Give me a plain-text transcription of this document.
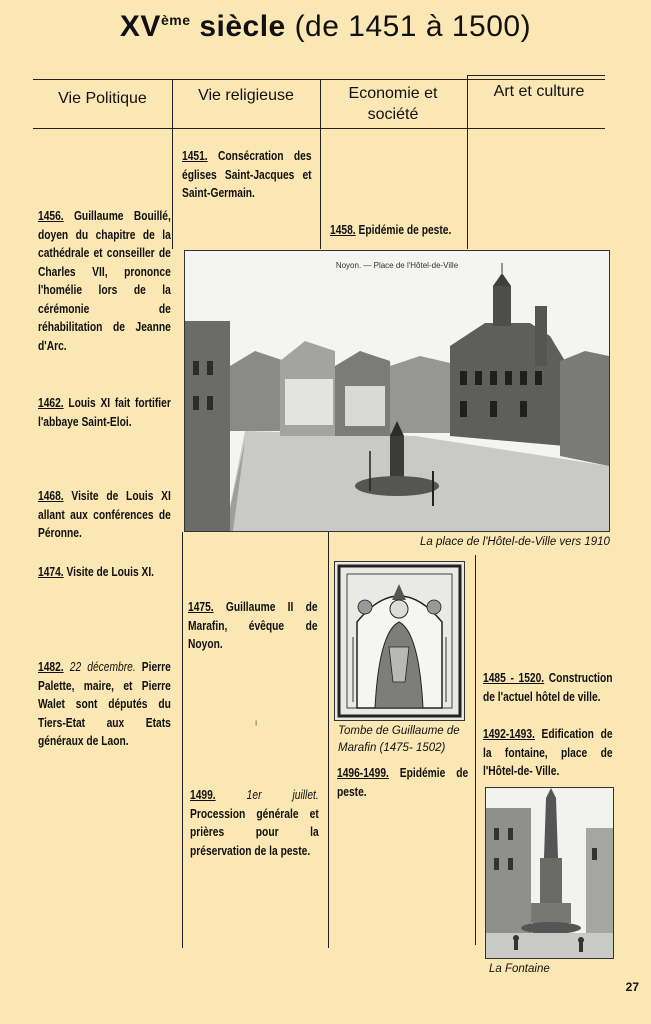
XVème siècle (de 1451 à 1500)
Vie Politique	Vie religieuse	Economie et société
Art et culture
1456. Guillaume Bouillé, doyen du chapitre de la cathédrale et conseiller de Charles VII, prononce l'homélie lors de la cérémonie de réhabilitation de Jeanne d'Arc.
1462. Louis XI fait fortifier l'abbaye Saint-Eloi.
1468. Visite de Louis XI allant aux conférences de Péronne.
1474. Visite de Louis XI.
1482. 22 décembre. Pierre Palette, maire, et Pierre Walet sont députés du Tiers-Etat aux Etats généraux de Laon.
1451. Consécration des églises Saint-Jacques et Saint-Germain.
1475. Guillaume II de Marafin, évêque de Noyon.
1499. 1er juillet. Procession générale et prières pour la préservation de la peste.
1458. Epidémie de peste.
1496-1499. Epidémie de peste.
1485 - 1520. Construction de l'actuel hôtel de ville.
1492-1493. Edification de la fontaine, place de l'Hôtel-de- Ville.
Noyon. — Place de l'Hôtel-de-Ville
La place de l'Hôtel-de-Ville vers 1910
Tombe de Guillaume de Marafin (1475- 1502)
La Fontaine
ᶦ
27
